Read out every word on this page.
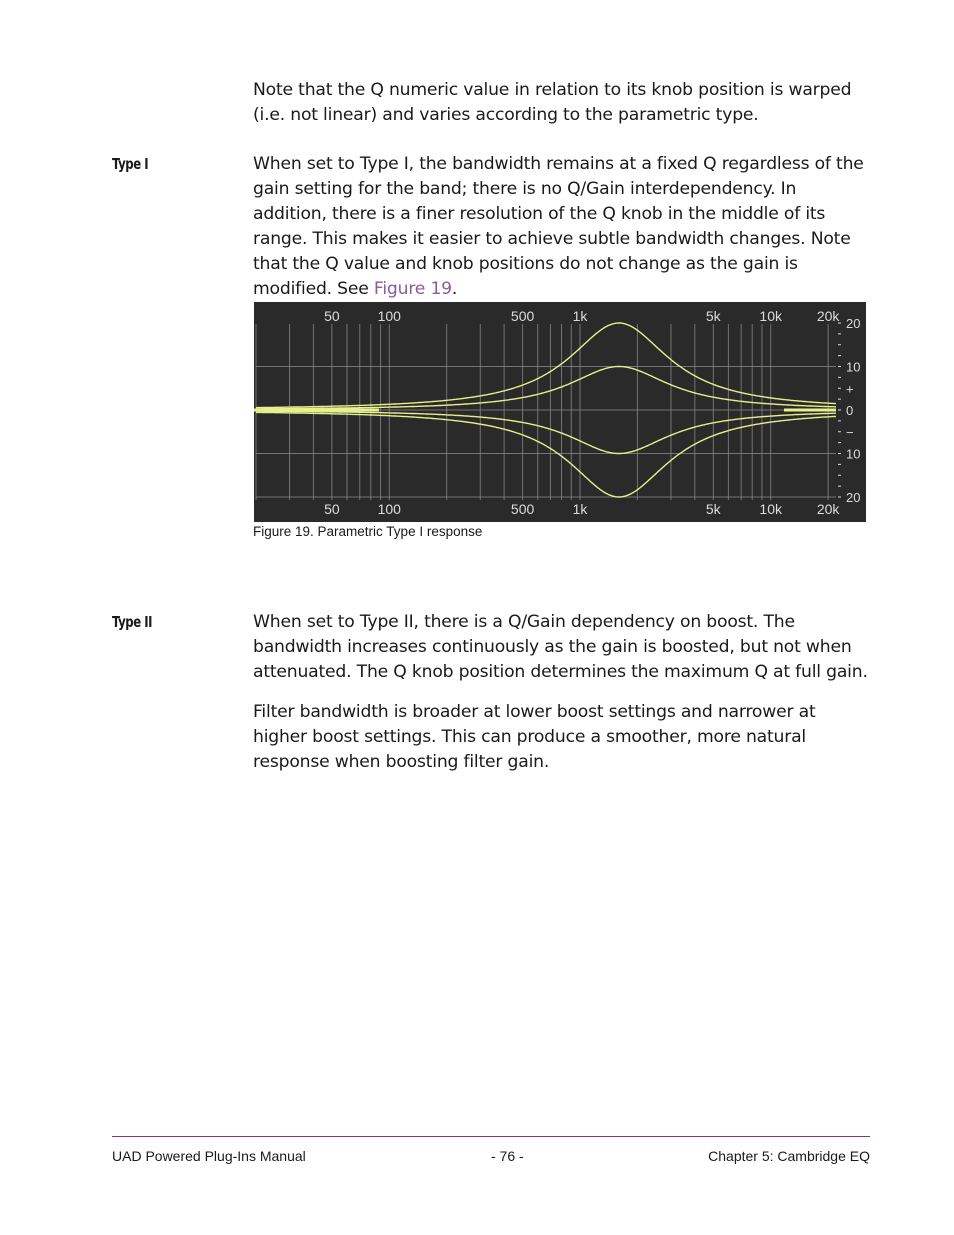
Note that the Q numeric value in relation to its knob position is warped (i.e. not linear) and varies according to the parametric type.

Type I	When set to Type I, the bandwidth remains at a fixed Q regardless of the gain setting for the band; there is no Q/Gain interdependency. In addition, there is a finer resolution of the Q knob in the middle of its range. This makes it easier to achieve subtle bandwidth changes. Note that the Q value and knob positions do not change as the gain is modified. See Figure 19.

50
50
100
100
500
500
1k
1k
5k
5k
10k
10k
20k
20k
20
10
+
0
−
10
20
Figure 19. Parametric Type I response
Type II	When set to Type II, there is a Q/Gain dependency on boost. The bandwidth increases continuously as the gain is boosted, but not when attenuated. The Q knob position determines the maximum Q at full gain.

Filter bandwidth is broader at lower boost settings and narrower at higher boost settings. This can produce a smoother, more natural response when boosting filter gain.

UAD Powered Plug-Ins Manual	- 76 -	Chapter 5: Cambridge EQ
